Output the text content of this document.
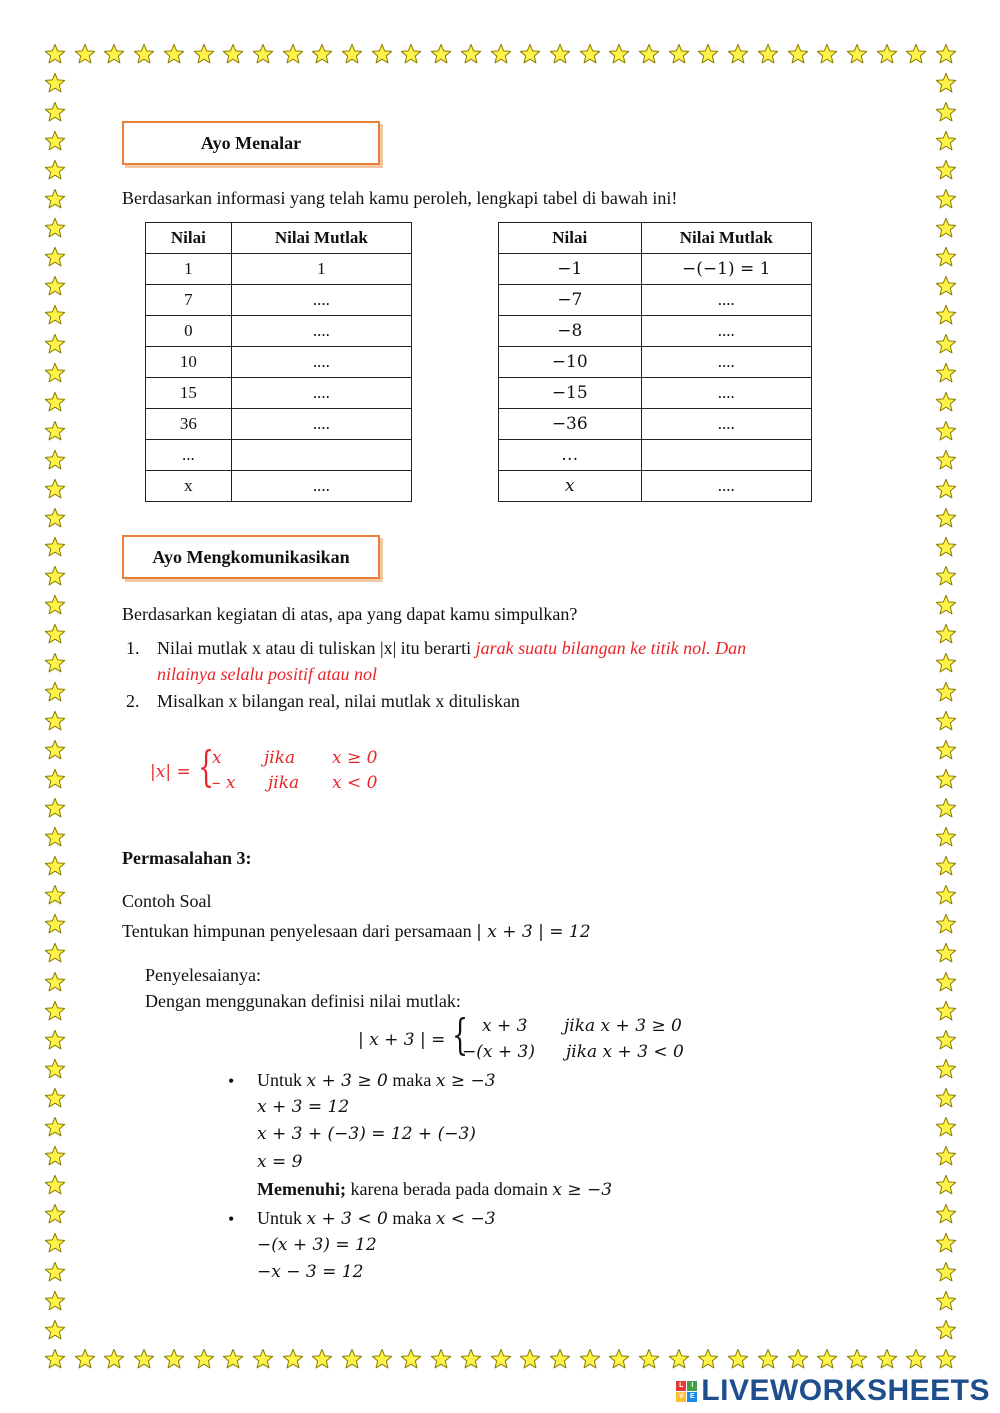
Ayo Menalar
Berdasarkan informasi yang telah kamu peroleh, lengkapi tabel di bawah ini!
Nilai	Nilai Mutlak
1	1
7	....
0	....
10	....
15	....
36	....
...	
x	....
Nilai	Nilai Mutlak
−1	−(−1) = 1
−7	....
−8	....
−10	....
−15	....
−36	....
…	
x	....
Ayo Mengkomunikasikan
Berdasarkan kegiatan di atas, apa yang dapat kamu simpulkan?
1. Nilai mutlak x atau di tuliskan |x| itu berarti jarak suatu bilangan ke titik nol. Dan
nilainya selalu positif atau nol
2. Misalkan x bilangan real, nilai mutlak x dituliskan
|x| = {
x jika x ≥ 0
– x jika x < 0
Permasalahan 3:
Contoh Soal
Tentukan himpunan penyelesaan dari persamaan | x + 3 | = 12
Penyelesaianya:
Dengan menggunakan definisi nilai mutlak:
| x + 3 | = { x + 3 jika x + 3 ≥ 0
−(x + 3) jika x + 3 < 0
• Untuk x + 3 ≥ 0 maka x ≥ −3
x + 3 = 12
x + 3 + (−3) = 12 + (−3)
x = 9
Memenuhi; karena berada pada domain x ≥ −3
• Untuk x + 3 < 0 maka x < −3
−(x + 3) = 12
−x − 3 = 12
L	I
V E LIVEWORKSHEETS
